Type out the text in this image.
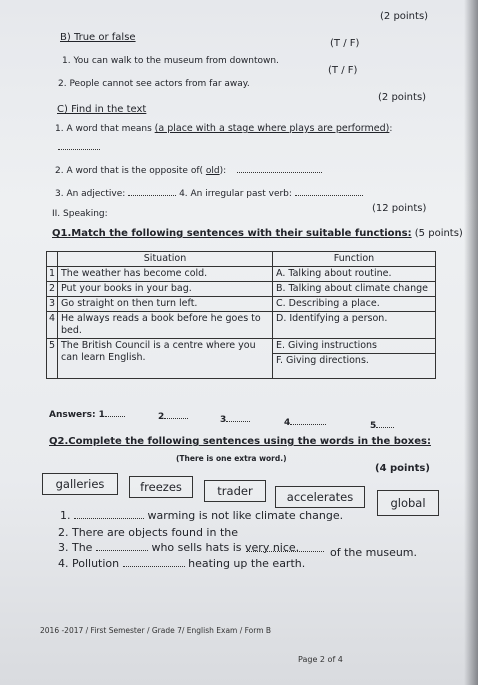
(2 points)
B) True or false
1. You can walk to the museum from downtown.
(T / F)
2. People cannot see actors from far away.
(T / F)
(2 points)
C) Find in the text
1. A word that means (a place with a stage where plays are performed):
2. A word that is the opposite of( old):
3. An adjective:	4. An irregular past verb:
II. Speaking:	(12 points)
Q1.Match the following sentences with their suitable functions: (5 points)
	Situation	Function
1	The weather has become cold.	A. Talking about routine.
2	Put your books in your bag.	B. Talking about climate change
3	Go straight on then turn left.	C. Describing a place.
4	He always reads a book before he goes to bed.	D. Identifying a person.
5	The British Council is a centre where you can learn English.	E. Giving instructions
		F. Giving directions.
Answers: 1	2	3	4	5
Q2.Complete the following sentences using the words in the boxes:
(There is one extra word.)
(4 points)
galleries	freezes	trader	accelerates	global
1.	warming is not like climate change.
2. There are objects found in the
of the museum.
3. The	who sells hats is very nice.
4. Pollution	heating up the earth.
2016 -2017 / First Semester / Grade 7/ English Exam / Form B
Page 2 of 4
